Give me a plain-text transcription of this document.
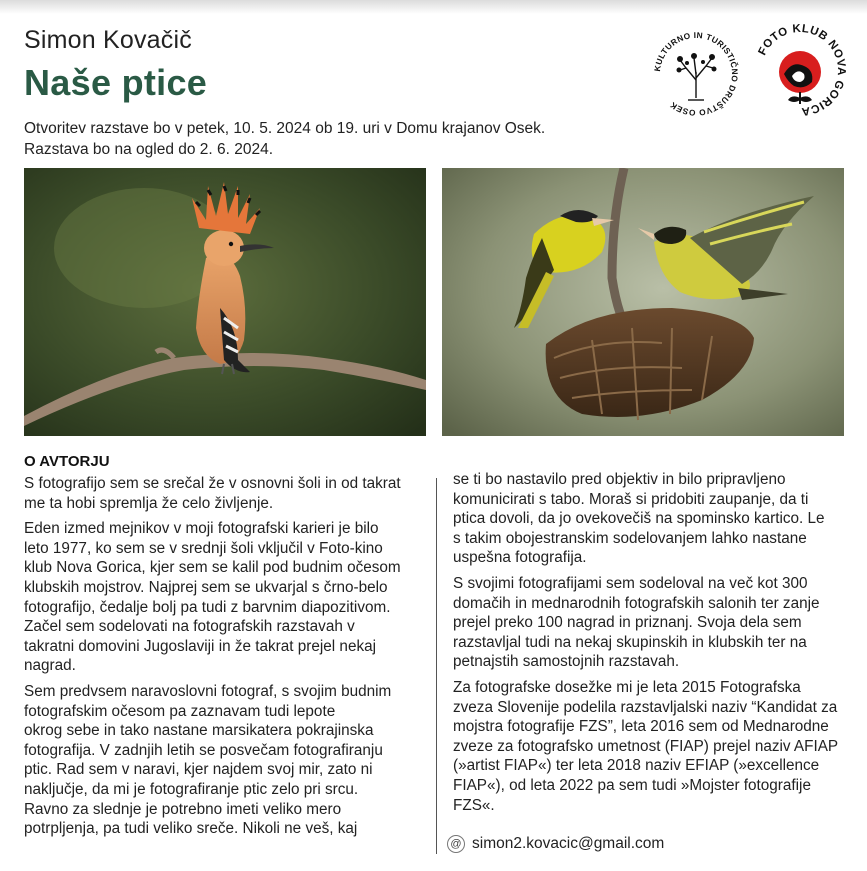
Simon Kovačič
Naše ptice
Otvoritev razstave bo v petek, 10. 5. 2024 ob 19. uri v Domu krajanov Osek.
Razstava bo na ogled do 2. 6. 2024.
KULTURNO IN TURISTIČNO DRUŠTVO OSEK
FOTO KLUB NOVA GORICA
O AVTORJU
S fotografijo sem se srečal že v osnovni šoli in od takrat
me ta hobi spremlja že celo življenje.
Eden izmed mejnikov v moji fotografski karieri je bilo
leto 1977, ko sem se v srednji šoli vključil v Foto-kino
klub Nova Gorica, kjer sem se kalil pod budnim očesom
klubskih mojstrov. Najprej sem se ukvarjal s črno-belo
fotografijo, čedalje bolj pa tudi z barvnim diapozitivom.
Začel sem sodelovati na fotografskih razstavah v
takratni domovini Jugoslaviji in že takrat prejel nekaj
nagrad.
Sem predvsem naravoslovni fotograf, s svojim budnim
fotografskim očesom pa zaznavam tudi lepote
okrog sebe in tako nastane marsikatera pokrajinska
fotografija. V zadnjih letih se posvečam fotografiranju
ptic. Rad sem v naravi, kjer najdem svoj mir, zato ni
naključje, da mi je fotografiranje ptic zelo pri srcu.
Ravno za slednje je potrebno imeti veliko mero
potrpljenja, pa tudi veliko sreče. Nikoli ne veš, kaj
se ti bo nastavilo pred objektiv in bilo pripravljeno
komunicirati s tabo. Moraš si pridobiti zaupanje, da ti
ptica dovoli, da jo ovekovečiš na spominsko kartico. Le
s takim obojestranskim sodelovanjem lahko nastane
uspešna fotografija.
S svojimi fotografijami sem sodeloval na več kot 300
domačih in mednarodnih fotografskih salonih ter zanje
prejel preko 100 nagrad in priznanj. Svoja dela sem
razstavljal tudi na nekaj skupinskih in klubskih ter na
petnajstih samostojnih razstavah.
Za fotografske dosežke mi je leta 2015 Fotografska
zveza Slovenije podelila razstavljalski naziv “Kandidat za
mojstra fotografije FZS”, leta 2016 sem od Mednarodne
zveze za fotografsko umetnost (FIAP) prejel naziv AFIAP
(»artist FIAP«) ter leta 2018 naziv EFIAP (»excellence
FIAP«), od leta 2022 pa sem tudi »Mojster fotografije
FZS«.
@ simon2.kovacic@gmail.com
